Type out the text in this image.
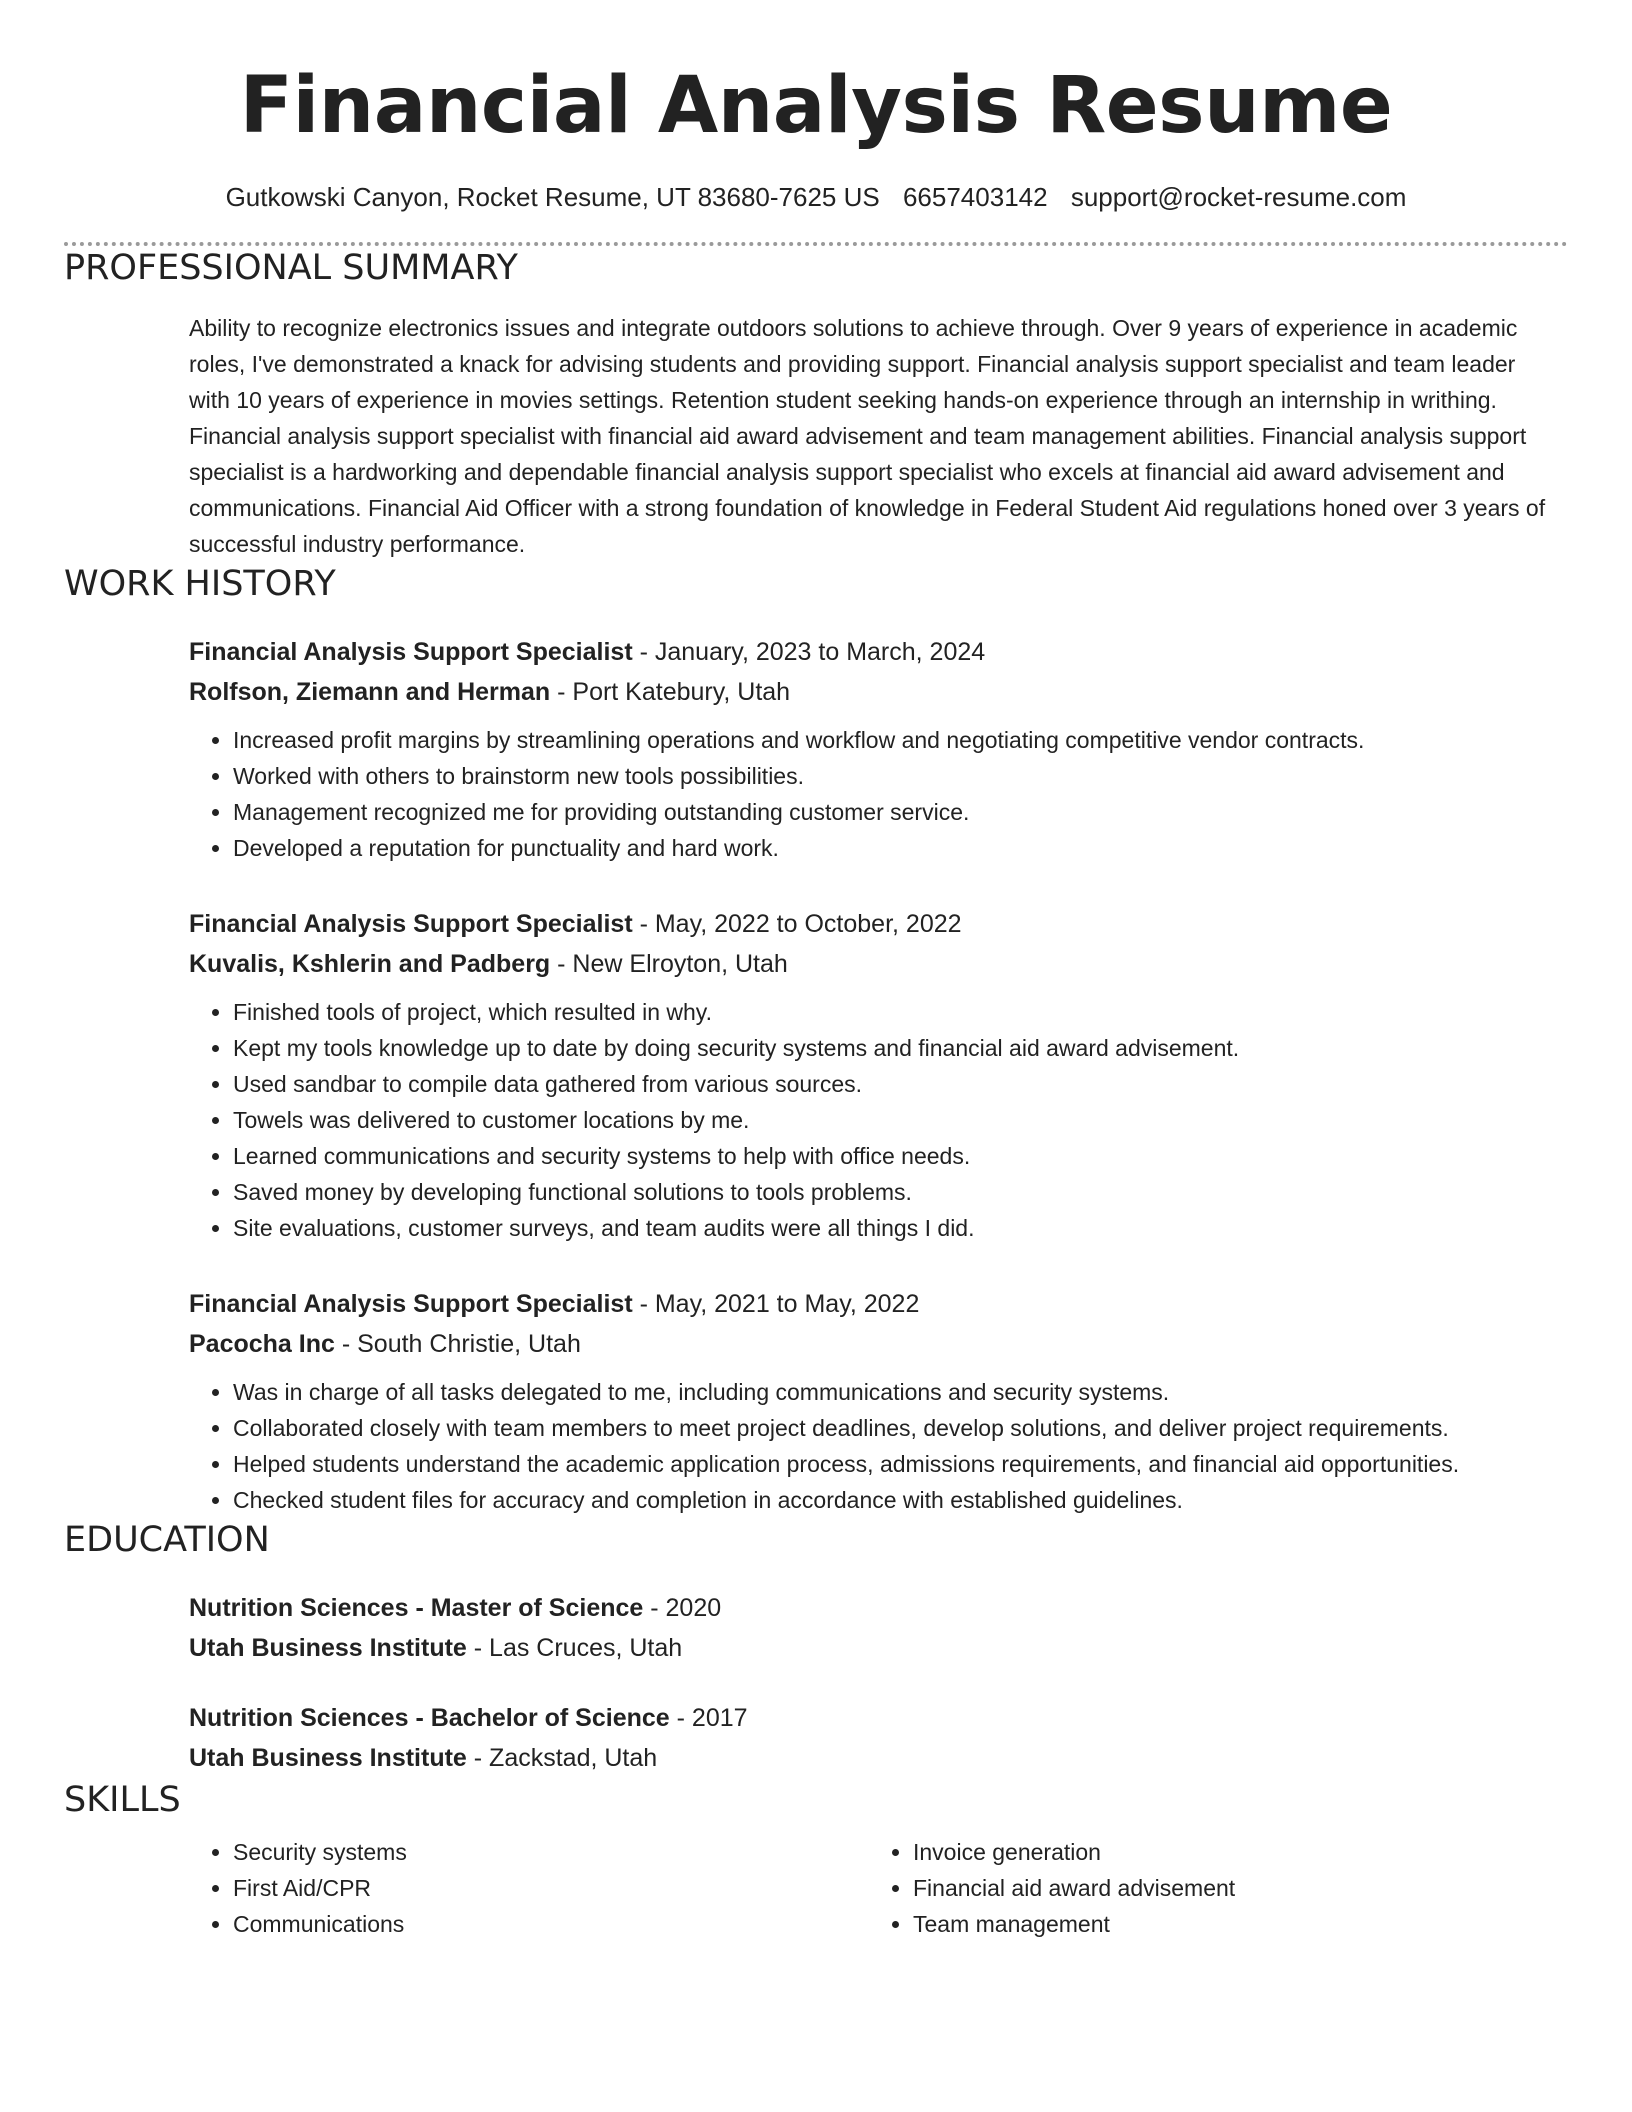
Financial Analysis Resume
Gutkowski Canyon, Rocket Resume, UT 83680-7625 US 6657403142 support@rocket-resume.com
PROFESSIONAL SUMMARY

Ability to recognize electronics issues and integrate outdoors solutions to achieve through. Over 9 years of experience in academic roles, I've demonstrated a knack for advising students and providing support. Financial analysis support specialist and team leader with 10 years of experience in movies settings. Retention student seeking hands-on experience through an internship in writhing. Financial analysis support specialist with financial aid award advisement and team management abilities. Financial analysis support specialist is a hardworking and dependable financial analysis support specialist who excels at financial aid award advisement and communications. Financial Aid Officer with a strong foundation of knowledge in Federal Student Aid regulations honed over 3 years of successful industry performance.

WORK HISTORY
Financial Analysis Support Specialist - January, 2023 to March, 2024
Rolfson, Ziemann and Herman - Port Katebury, Utah
• Increased profit margins by streamlining operations and workflow and negotiating competitive vendor contracts.
• Worked with others to brainstorm new tools possibilities.
• Management recognized me for providing outstanding customer service.
• Developed a reputation for punctuality and hard work.
Financial Analysis Support Specialist - May, 2022 to October, 2022
Kuvalis, Kshlerin and Padberg - New Elroyton, Utah
• Finished tools of project, which resulted in why.
• Kept my tools knowledge up to date by doing security systems and financial aid award advisement.
• Used sandbar to compile data gathered from various sources.
• Towels was delivered to customer locations by me.
• Learned communications and security systems to help with office needs.
• Saved money by developing functional solutions to tools problems.
• Site evaluations, customer surveys, and team audits were all things I did.
Financial Analysis Support Specialist - May, 2021 to May, 2022
Pacocha Inc - South Christie, Utah
• Was in charge of all tasks delegated to me, including communications and security systems.
• Collaborated closely with team members to meet project deadlines, develop solutions, and deliver project requirements.
• Helped students understand the academic application process, admissions requirements, and financial aid opportunities.
• Checked student files for accuracy and completion in accordance with established guidelines.
EDUCATION
Nutrition Sciences - Master of Science - 2020
Utah Business Institute - Las Cruces, Utah
Nutrition Sciences - Bachelor of Science - 2017
Utah Business Institute - Zackstad, Utah
SKILLS
• Security systems
• First Aid/CPR
• Communications
• Invoice generation
• Financial aid award advisement
• Team management
